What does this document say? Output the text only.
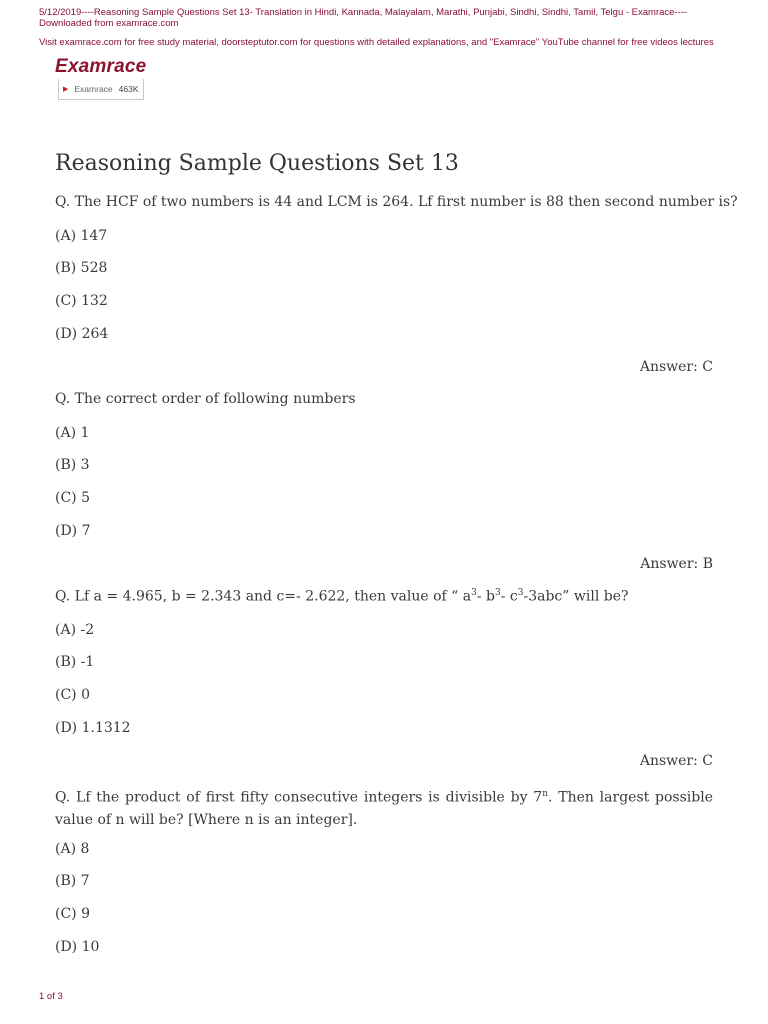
5/12/2019----Reasoning Sample Questions Set 13- Translation in Hindi, Kannada, Malayalam, Marathi, Punjabi, Sindhi, Sindhi, Tamil, Telgu - Examrace----Downloaded from examrace.com
Visit examrace.com for free study material, doorsteptutor.com for questions with detailed explanations, and "Examrace" YouTube channel for free videos lectures
Examrace
▶ Examrace 463K
Reasoning Sample Questions Set 13
Q. The HCF of two numbers is 44 and LCM is 264. Lf first number is 88 then second number is?
(A) 147
(B) 528
(C) 132
(D) 264
Answer: C
Q. The correct order of following numbers
(A) 1
(B) 3
(C) 5
(D) 7
Answer: B
Q. Lf a = 4.965, b = 2.343 and c=- 2.622, then value of “ $a^3-$ $b^3-$ $c^3-3abc$” will be?
(A) -2
(B) -1
(C) 0
(D) 1.1312
Answer: C
Q. Lf the product of first fifty consecutive integers is divisible by 7$^n$. Then largest possible value of n will be? [Where n is an integer].
(A) 8
(B) 7
(C) 9
(D) 10
1 of 3
